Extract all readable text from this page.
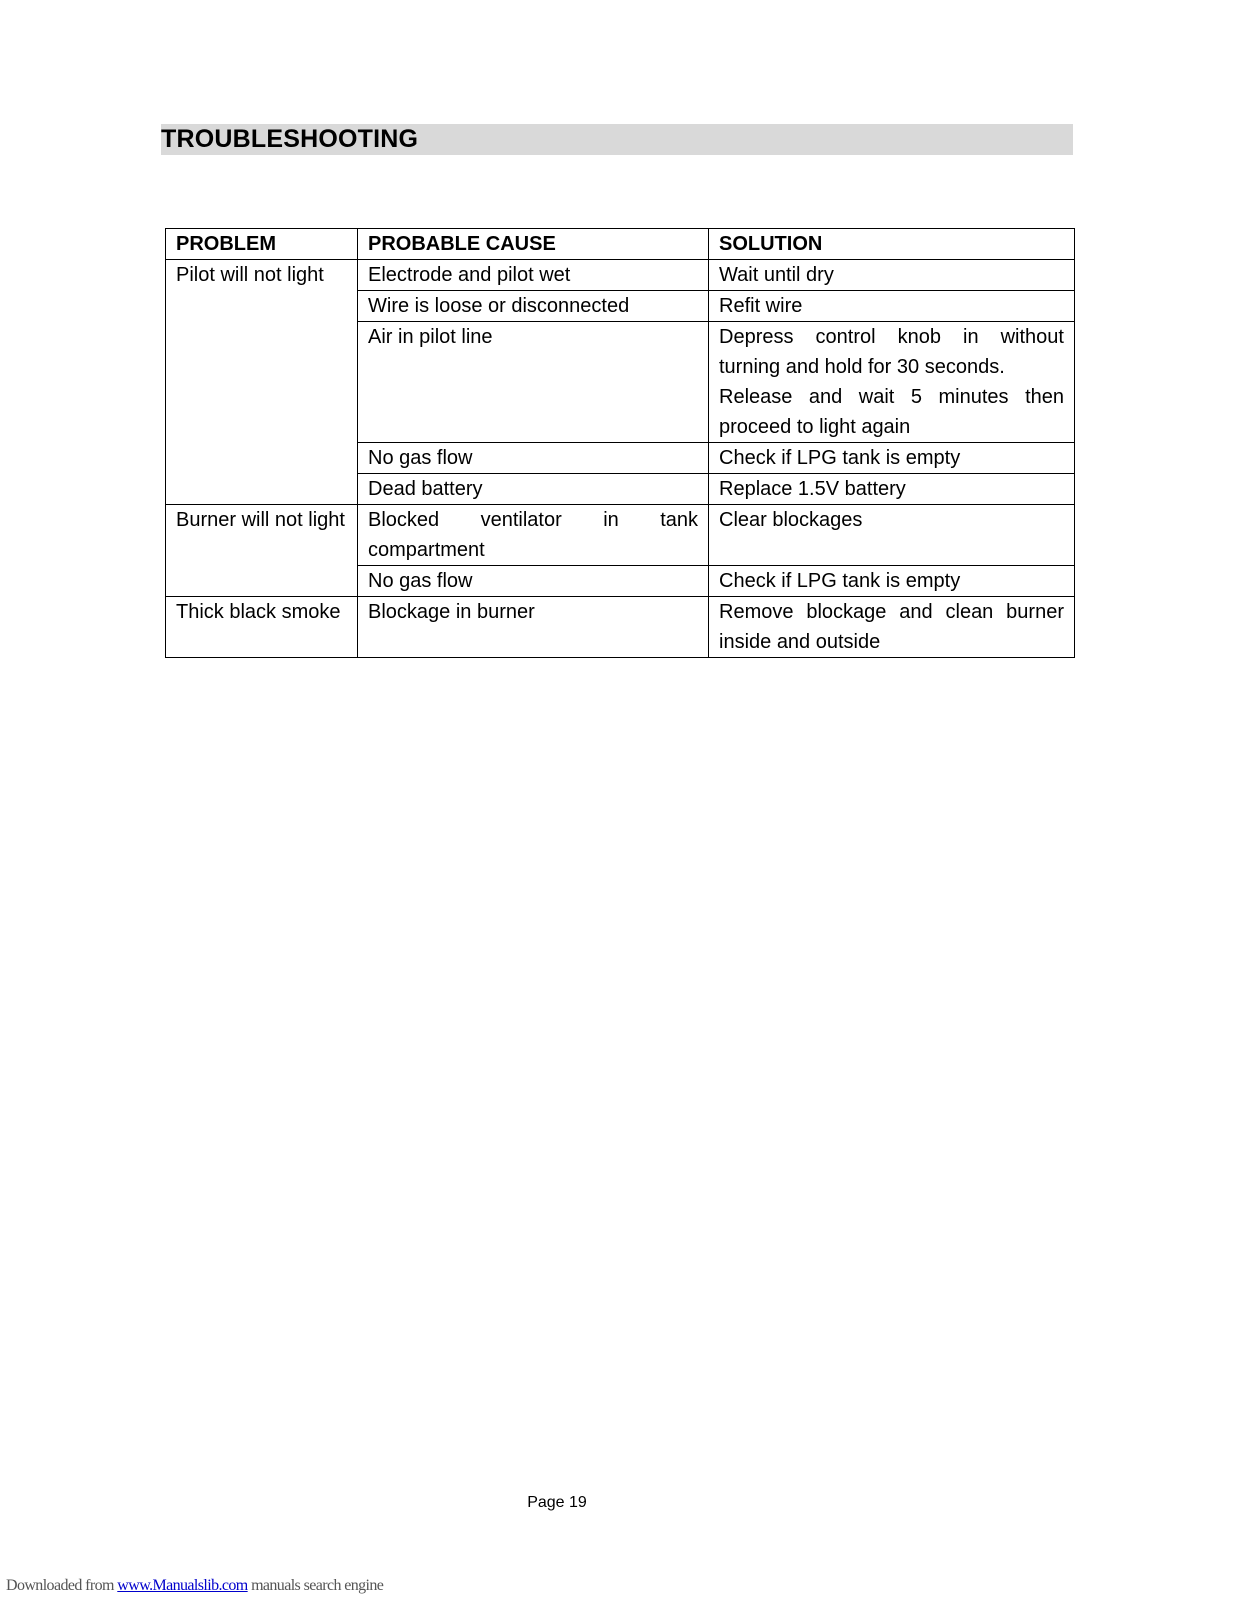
TROUBLESHOOTING
PROBLEM	PROBABLE CAUSE	SOLUTION
Pilot will not light	Electrode and pilot wet	Wait until dry
	Wire is loose or disconnected	Refit wire
	Air in pilot line	Depress control knob in without turning and hold for 30 seconds.
Release and wait 5 minutes then proceed to light again

	No gas flow	Check if LPG tank is empty
	Dead battery	Replace 1.5V battery
Burner will not light	Blocked ventilator in tank compartment	Clear blockages
	No gas flow	Check if LPG tank is empty
Thick black smoke	Blockage in burner	Remove blockage and clean burner inside and outside
Page 19
Downloaded from www.Manualslib.com manuals search engine
